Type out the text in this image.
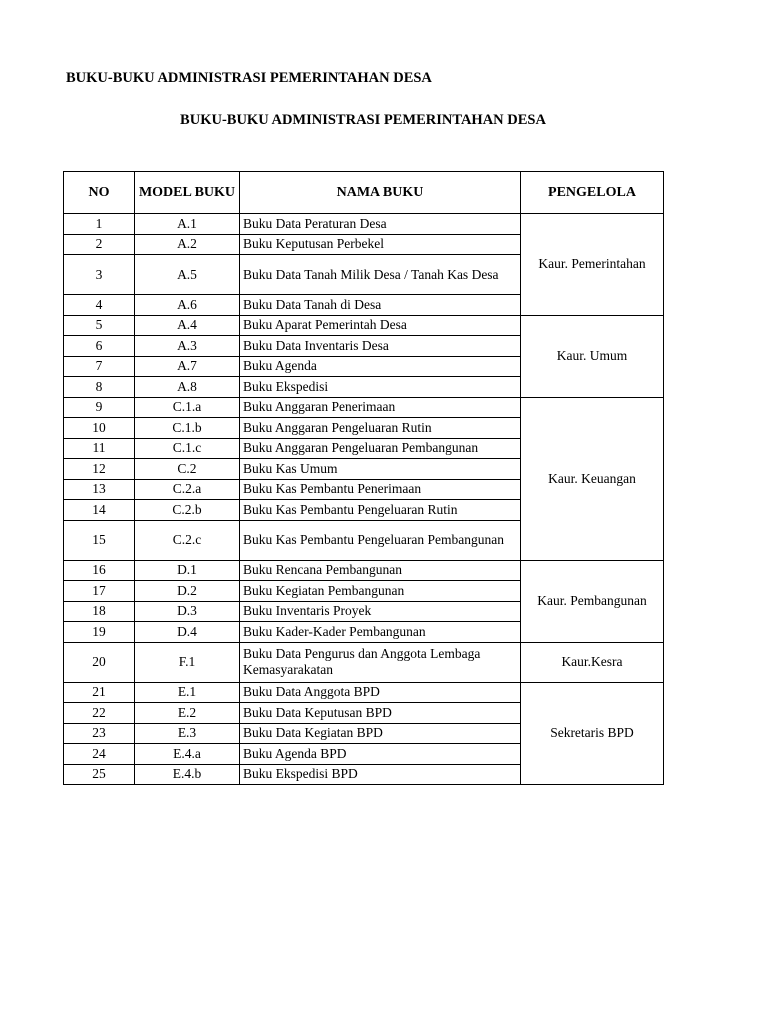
BUKU-BUKU ADMINISTRASI PEMERINTAHAN DESA
BUKU-BUKU ADMINISTRASI PEMERINTAHAN DESA
NO	MODEL BUKU	NAMA BUKU	PENGELOLA
1	A.1	Buku Data Peraturan Desa	Kaur. Pemerintahan
2	A.2	Buku Keputusan Perbekel	
3	A.5	Buku Data Tanah Milik Desa / Tanah Kas Desa	
4	A.6	Buku Data Tanah di Desa	
5	A.4	Buku Aparat Pemerintah Desa	Kaur. Umum
6	A.3	Buku Data Inventaris Desa	
7	A.7	Buku Agenda	
8	A.8	Buku Ekspedisi	
9	C.1.a	Buku Anggaran Penerimaan	Kaur. Keuangan
10	C.1.b	Buku Anggaran Pengeluaran Rutin	
11	C.1.c	Buku Anggaran Pengeluaran Pembangunan	
12	C.2	Buku Kas Umum	
13	C.2.a	Buku Kas Pembantu Penerimaan	
14	C.2.b	Buku Kas Pembantu Pengeluaran Rutin	
15	C.2.c	Buku Kas Pembantu Pengeluaran Pembangunan	
16	D.1	Buku Rencana Pembangunan	Kaur. Pembangunan
17	D.2	Buku Kegiatan Pembangunan	
18	D.3	Buku Inventaris Proyek	
19	D.4	Buku Kader-Kader Pembangunan	
20	F.1	Buku Data Pengurus dan Anggota Lembaga Kemasyarakatan	Kaur.Kesra
21	E.1	Buku Data Anggota BPD	Sekretaris BPD
22	E.2	Buku Data Keputusan BPD	
23	E.3	Buku Data Kegiatan BPD	
24	E.4.a	Buku Agenda BPD	
25	E.4.b	Buku Ekspedisi BPD	
